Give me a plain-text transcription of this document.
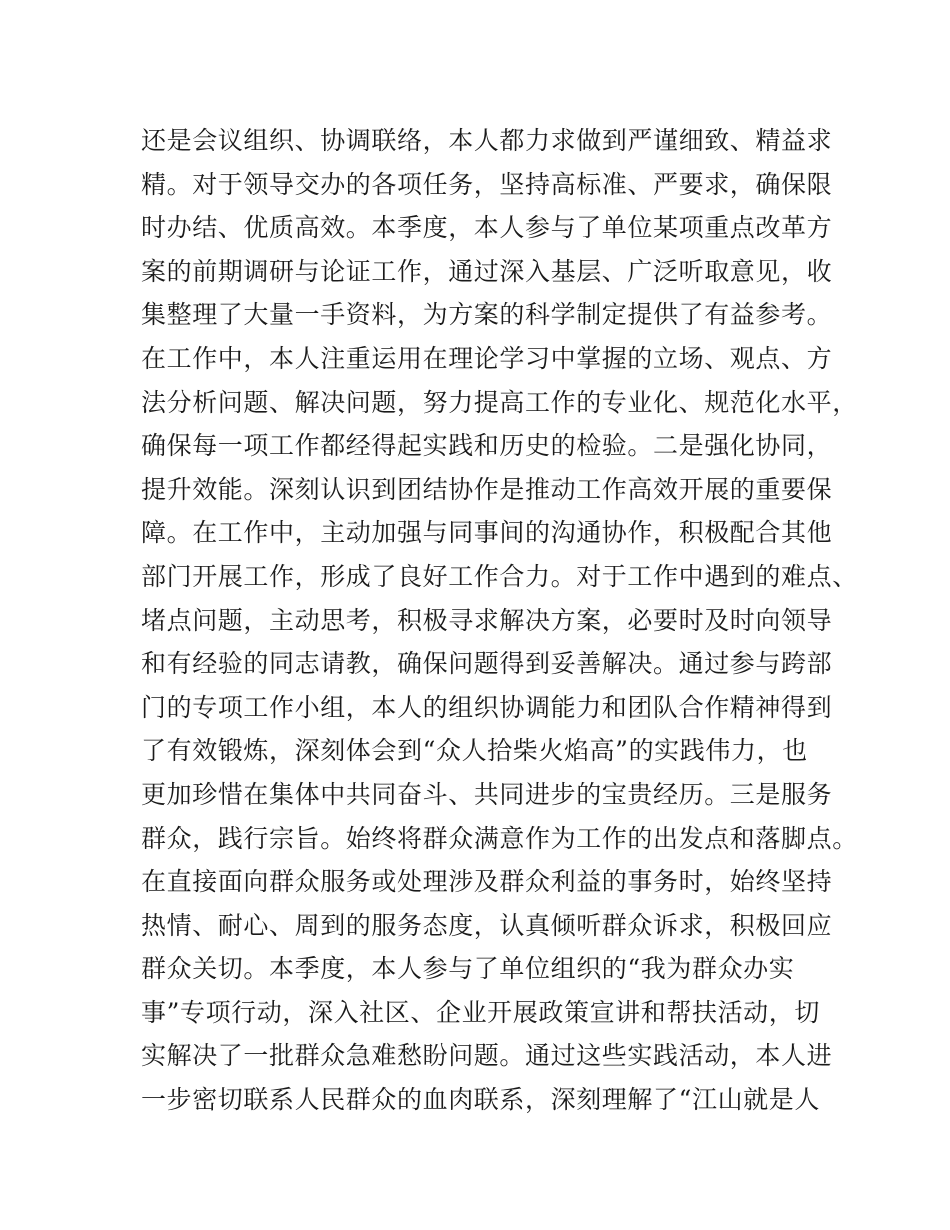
还是会议组织、协调联络，本人都力求做到严谨细致、精益求
精。对于领导交办的各项任务，坚持高标准、严要求，确保限
时办结、优质高效。本季度，本人参与了单位某项重点改革方
案的前期调研与论证工作，通过深入基层、广泛听取意见，收
集整理了大量一手资料，为方案的科学制定提供了有益参考。
在工作中，本人注重运用在理论学习中掌握的立场、观点、方
法分析问题、解决问题，努力提高工作的专业化、规范化水平，
确保每一项工作都经得起实践和历史的检验。二是强化协同，
提升效能。深刻认识到团结协作是推动工作高效开展的重要保
障。在工作中，主动加强与同事间的沟通协作，积极配合其他
部门开展工作，形成了良好工作合力。对于工作中遇到的难点、
堵点问题，主动思考，积极寻求解决方案，必要时及时向领导
和有经验的同志请教，确保问题得到妥善解决。通过参与跨部
门的专项工作小组，本人的组织协调能力和团队合作精神得到
了有效锻炼，深刻体会到“众人拾柴火焰高”的实践伟力，也
更加珍惜在集体中共同奋斗、共同进步的宝贵经历。三是服务
群众，践行宗旨。始终将群众满意作为工作的出发点和落脚点。
在直接面向群众服务或处理涉及群众利益的事务时，始终坚持
热情、耐心、周到的服务态度，认真倾听群众诉求，积极回应
群众关切。本季度，本人参与了单位组织的“我为群众办实
事”专项行动，深入社区、企业开展政策宣讲和帮扶活动，切
实解决了一批群众急难愁盼问题。通过这些实践活动，本人进
一步密切联系人民群众的血肉联系，深刻理解了“江山就是人
